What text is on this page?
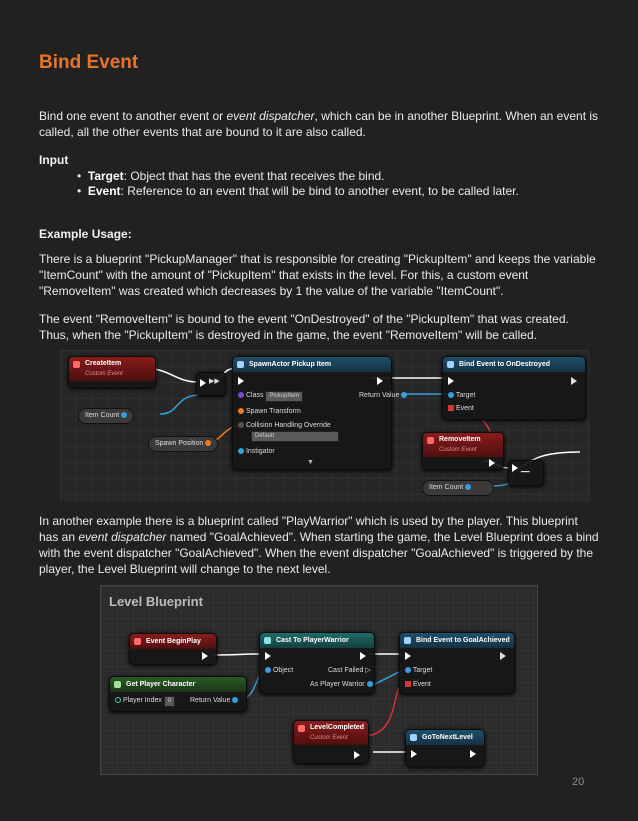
Bind Event

Bind one event to another event or event dispatcher, which can be in another Blueprint. When an event is called, all the other events that are bound to it are also called.

Input

•  Target: Object that has the event that receives the bind.

•  Event: Reference to an event that will be bind to another event, to be called later.

Example Usage:

There is a blueprint "PickupManager" that is responsible for creating "PickupItem" and keeps the variable "ItemCount" with the amount of "PickupItem" that exists in the level. For this, a custom event "RemoveItem" was created which decreases by 1 the value of the variable "ItemCount".

The event "RemoveItem" is bound to the event "OnDestroyed" of the "PickupItem" that was created. Thus, when the "PickupItem" is destroyed in the game, the event "RemoveItem" will be called.

CreateItem
Custom Event
▶▶
Item Count
Spawn Position
SpawnActor Pickup Item
Class PickupItem	Return Value
Spawn Transform
Collision Handling Override
Default
Instigator
▼
Bind Event to OnDestroyed
Target
Event
RemoveItem
Custom Event
━━
Item Count

In another example there is a blueprint called "PlayWarrior" which is used by the player. This blueprint has an event dispatcher named "GoalAchieved". When starting the game, the Level Blueprint does a bind with the event dispatcher "GoalAchieved". When the event dispatcher "GoalAchieved" is triggered by the player, the Level Blueprint will change to the next level.

Level Blueprint
Event BeginPlay	Cast To PlayerWarrior
Object	Cast Failed ▷
As Player Warrior
Bind Event to GoalAchieved
Target
Event
Get Player Character
Player Index 0	Return Value
LevelCompleted
Custom Event	GoToNextLevel
20
